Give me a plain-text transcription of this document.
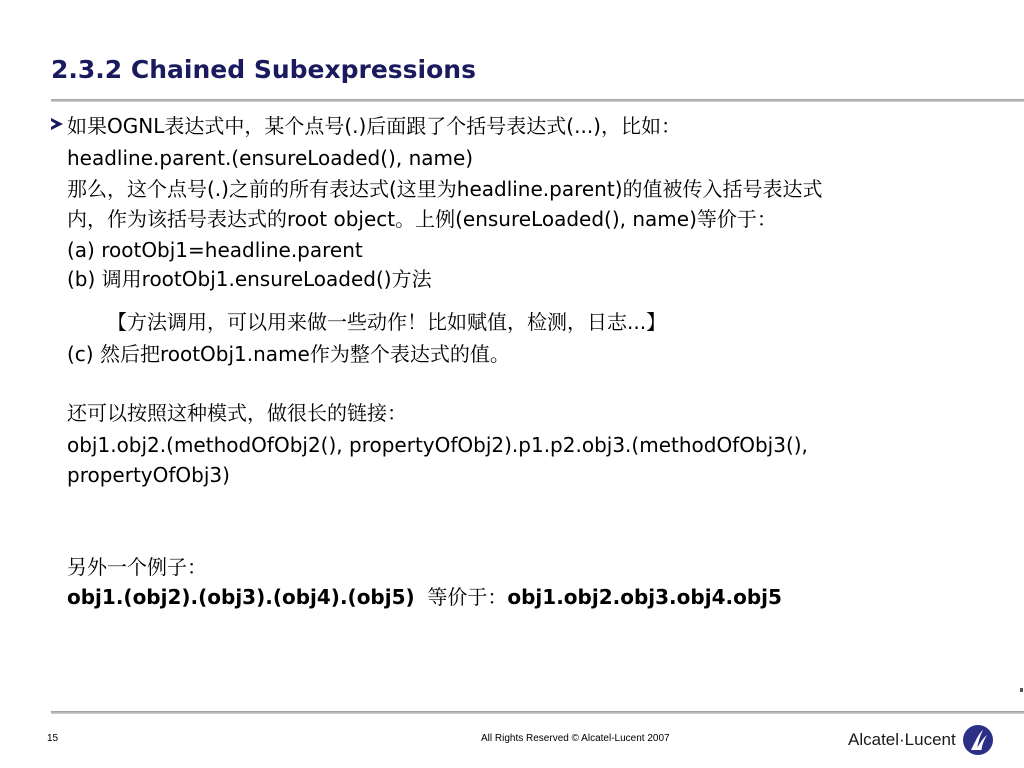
2.3.2 Chained Subexpressions
如果OGNL表达式中，某个点号(.)后面跟了个括号表达式(...)，比如：
headline.parent.(ensureLoaded(), name)
那么，这个点号(.)之前的所有表达式(这里为headline.parent)的值被传入括号表达式
内，作为该括号表达式的root object。上例(ensureLoaded(), name)等价于：
(a) rootObj1=headline.parent
(b) 调用rootObj1.ensureLoaded()方法
【方法调用，可以用来做一些动作！比如赋值，检测，日志...】
(c) 然后把rootObj1.name作为整个表达式的值。
还可以按照这种模式，做很长的链接：
obj1.obj2.(methodOfObj2(), propertyOfObj2).p1.p2.obj3.(methodOfObj3(),
propertyOfObj3)
另外一个例子：
obj1.(obj2).(obj3).(obj4).(obj5)  等价于：obj1.obj2.obj3.obj4.obj5
15	All Rights Reserved © Alcatel-Lucent 2007	Alcatel·Lucent
